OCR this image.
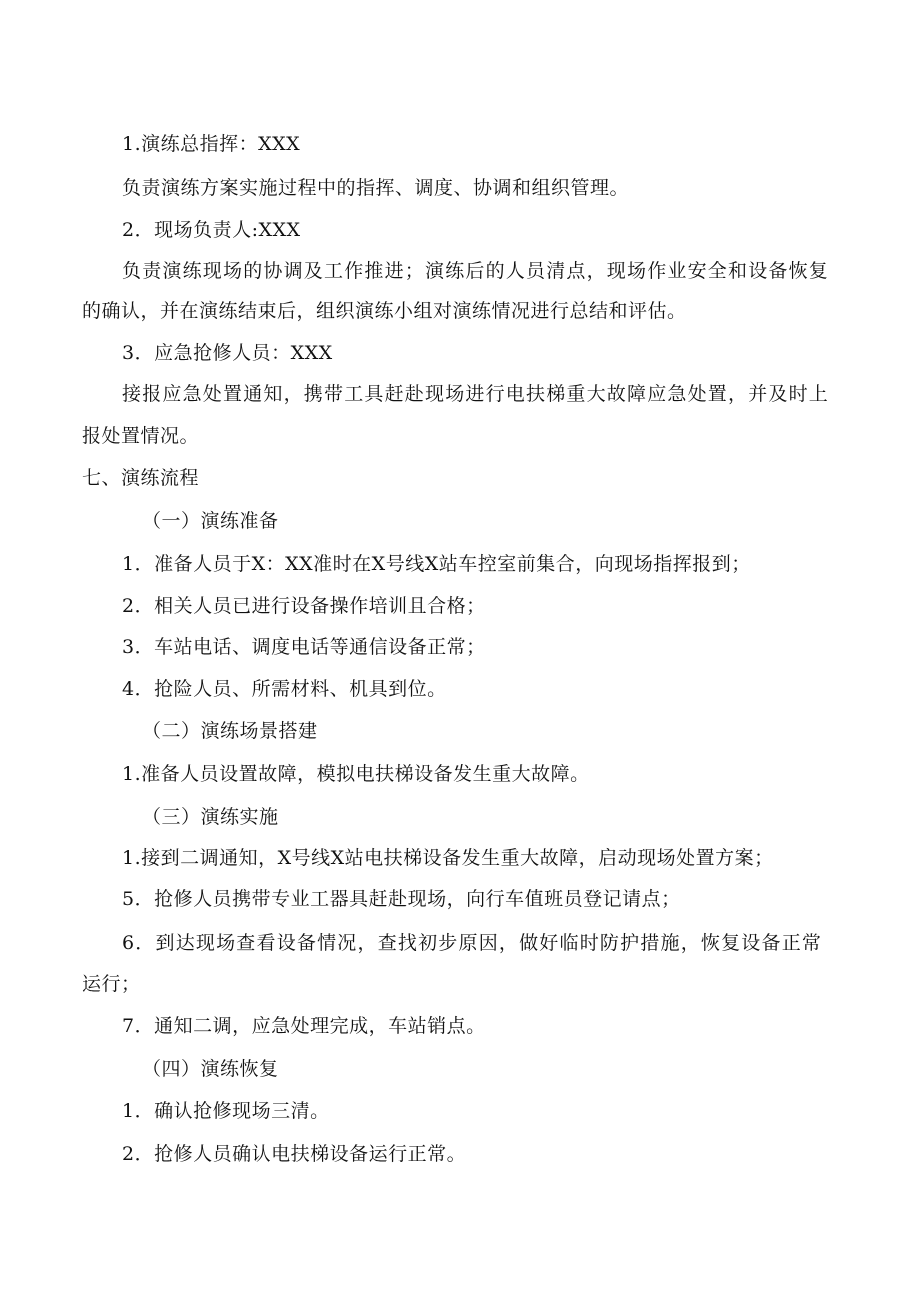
1.演练总指挥：XXX
负责演练方案实施过程中的指挥、调度、协调和组织管理。
2．现场负责人:XXX
负责演练现场的协调及工作推进；演练后的人员清点，现场作业安全和设备恢复
的确认，并在演练结束后，组织演练小组对演练情况进行总结和评估。
3．应急抢修人员：XXX
接报应急处置通知，携带工具赶赴现场进行电扶梯重大故障应急处置，并及时上
报处置情况。
七、演练流程
（一）演练准备
1．准备人员于X：XX准时在X号线X站车控室前集合，向现场指挥报到；
2．相关人员已进行设备操作培训且合格；
3．车站电话、调度电话等通信设备正常；
4．抢险人员、所需材料、机具到位。
（二）演练场景搭建
1.准备人员设置故障，模拟电扶梯设备发生重大故障。
（三）演练实施
1.接到二调通知，X号线X站电扶梯设备发生重大故障，启动现场处置方案；
5．抢修人员携带专业工器具赶赴现场，向行车值班员登记请点；
6．到达现场查看设备情况，查找初步原因，做好临时防护措施，恢复设备正常
运行；
7．通知二调，应急处理完成，车站销点。
（四）演练恢复
1．确认抢修现场三清。
2．抢修人员确认电扶梯设备运行正常。
